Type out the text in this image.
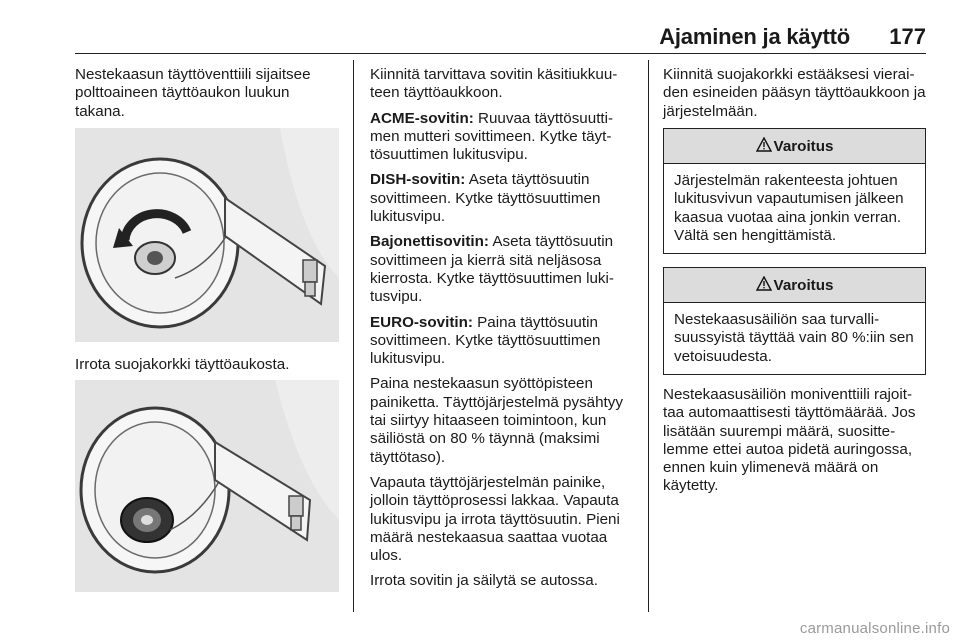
Ajaminen ja käyttö	177

Nestekaasun täyttöventtiili sijaitsee polttoaineen täyttöaukon luukun takana.

Irrota suojakorkki täyttöaukosta.

Kiinnitä tarvittava sovitin käsitiukkuuteen täyttöaukkoon.

ACME-sovitin: Ruuvaa täyttösuuttimen mutteri sovittimeen. Kytke täyttösuuttimen lukitusvipu.

DISH-sovitin: Aseta täyttösuutin sovittimeen. Kytke täyttösuuttimen lukitusvipu.

Bajonettisovitin: Aseta täyttösuutin sovittimeen ja kierrä sitä neljäsosa kierrosta. Kytke täyttösuuttimen lukitusvipu.

EURO-sovitin: Paina täyttösuutin sovittimeen. Kytke täyttösuuttimen lukitusvipu.

Paina nestekaasun syöttöpisteen painiketta. Täyttöjärjestelmä pysähtyy tai siirtyy hitaaseen toimintoon, kun säiliöstä on 80 % täynnä (maksimi täyttötaso).

Vapauta täyttöjärjestelmän painike, jolloin täyttöprosessi lakkaa. Vapauta lukitusvipu ja irrota täyttösuutin. Pieni määrä nestekaasua saattaa vuotaa ulos.

Irrota sovitin ja säilytä se autossa.

Kiinnitä suojakorkki estääksesi vieraiden esineiden pääsyn täyttöaukkoon ja järjestelmään.

Varoitus
Järjestelmän rakenteesta johtuen lukitusvivun vapautumisen jälkeen kaasua vuotaa aina jonkin verran. Vältä sen hengittämistä.
Varoitus
Nestekaasusäiliön saa turvallisuussyistä täyttää vain 80 %:iin sen vetoisuudesta.

Nestekaasusäiliön moniventtiili rajoittaa automaattisesti täyttömäärää. Jos lisätään suurempi määrä, suosittelemme ettei autoa pidetä auringossa, ennen kuin ylimenevä määrä on käytetty.

carmanualsonline.info
